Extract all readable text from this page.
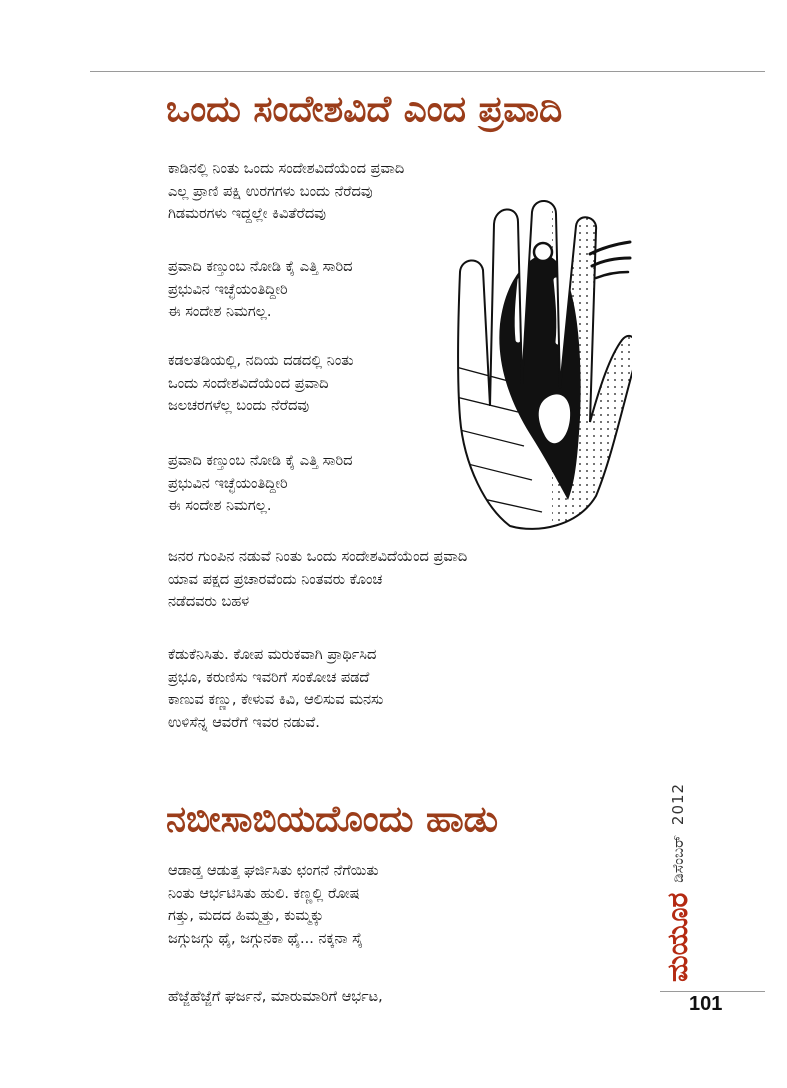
ಒಂದು ಸಂದೇಶವಿದೆ ಎಂದ ಪ್ರವಾದಿ
ಕಾಡಿನಲ್ಲಿ ನಿಂತು ಒಂದು ಸಂದೇಶವಿದೆಯೆಂದ ಪ್ರವಾದಿ
ಎಲ್ಲ ಪ್ರಾಣಿ ಪಕ್ಷಿ ಉರಗಗಳು ಬಂದು ನೆರೆದವು
ಗಿಡಮರಗಳು ಇದ್ದಲ್ಲೇ ಕಿವಿತೆರೆದವು
ಪ್ರವಾದಿ ಕಣ್ತುಂಬ ನೋಡಿ ಕೈ ಎತ್ತಿ ಸಾರಿದ
ಪ್ರಭುವಿನ ಇಚ್ಛೆಯಂತಿದ್ದೀರಿ
ಈ ಸಂದೇಶ ನಿಮಗಲ್ಲ.
ಕಡಲತಡಿಯಲ್ಲಿ, ನದಿಯ ದಡದಲ್ಲಿ ನಿಂತು
ಒಂದು ಸಂದೇಶವಿದೆಯೆಂದ ಪ್ರವಾದಿ
ಜಲಚರಗಳೆಲ್ಲ ಬಂದು ನೆರೆದವು
ಪ್ರವಾದಿ ಕಣ್ತುಂಬ ನೋಡಿ ಕೈ ಎತ್ತಿ ಸಾರಿದ
ಪ್ರಭುವಿನ ಇಚ್ಛೆಯಂತಿದ್ದೀರಿ
ಈ ಸಂದೇಶ ನಿಮಗಲ್ಲ.
ಜನರ ಗುಂಪಿನ ನಡುವೆ ನಿಂತು ಒಂದು ಸಂದೇಶವಿದೆಯೆಂದ ಪ್ರವಾದಿ
ಯಾವ ಪಕ್ಷದ ಪ್ರಚಾರವೆಂದು ನಿಂತವರು ಕೊಂಚ
ನಡೆದವರು ಬಹಳ
ಕೆಡುಕೆನಿಸಿತು. ಕೋಪ ಮರುಕವಾಗಿ ಪ್ರಾರ್ಥಿಸಿದ
ಪ್ರಭೂ, ಕರುಣಿಸು ಇವರಿಗೆ ಸಂಕೋಚ ಪಡದೆ
ಕಾಣುವ ಕಣ್ಣು, ಕೇಳುವ ಕಿವಿ, ಆಲಿಸುವ ಮನಸು
ಉಳಿಸೆನ್ನ ಆವರೆಗೆ ಇವರ ನಡುವೆ.
ನಬೀಸಾಬಿಯದೊಂದು ಹಾಡು
ಆಡಾಡ್ತ ಆಡುತ್ತ ಘರ್ಜಿಸಿತು ಛಂಗನೆ ನೆಗೆಯಿತು
ನಿಂತು ಆರ್ಭಟಿಸಿತು ಹುಲಿ. ಕಣ್ಣಲ್ಲಿ ರೋಷ
ಗತ್ತು, ಮದದ ಹಿಮ್ಮತ್ತು, ಕುಮ್ಮಕ್ಕು
ಜಗ್ಗುಜಗ್ಗು ಥೈ, ಜಗ್ಗುನಕಾ ಥೈ... ನಕ್ಕನಾ ಸೈ
ಹೆಜ್ಜೆಹೆಜ್ಜೆಗೆ ಘರ್ಜನೆ, ಮಾರುಮಾರಿಗೆ ಆರ್ಭಟ,
ಮಯೂರ
ಡಿಸೆಂಬರ್
2012
101
